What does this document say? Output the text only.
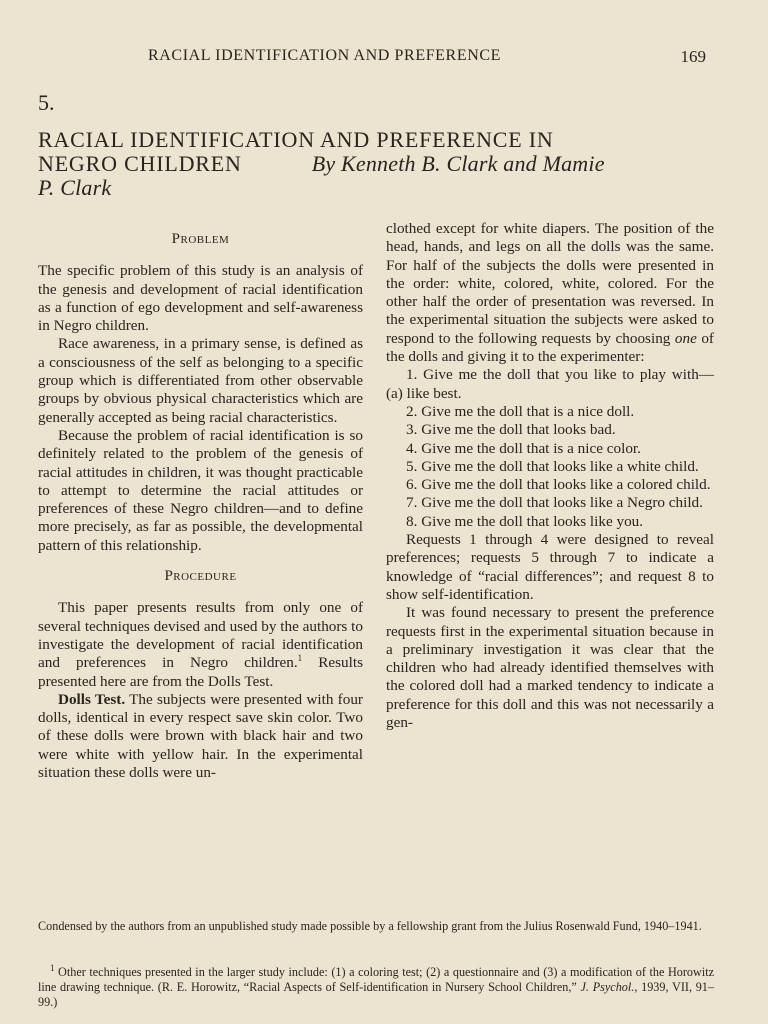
RACIAL IDENTIFICATION AND PREFERENCE	169
5.
RACIAL IDENTIFICATION AND PREFERENCE IN
NEGRO CHILDREN	By Kenneth B. Clark and Mamie
P. Clark
Problem

The specific problem of this study is an analysis of the genesis and development of racial identification as a function of ego development and self-awareness in Negro children.

Race awareness, in a primary sense, is defined as a consciousness of the self as belonging to a specific group which is differentiated from other observable groups by obvious physical characteristics which are generally accepted as being racial characteristics.

Because the problem of racial identification is so definitely related to the problem of the genesis of racial attitudes in children, it was thought practicable to attempt to determine the racial attitudes or preferences of these Negro children—and to define more precisely, as far as possible, the developmental pattern of this relationship.

Procedure

This paper presents results from only one of several techniques devised and used by the authors to investigate the development of racial identification and preferences in Negro children.$^1$ Results presented here are from the Dolls Test.

Dolls Test. The subjects were presented with four dolls, identical in every respect save skin color. Two of these dolls were brown with black hair and two were white with yellow hair. In the experimental situation these dolls were un-

clothed except for white diapers. The position of the head, hands, and legs on all the dolls was the same. For half of the subjects the dolls were presented in the order: white, colored, white, colored. For the other half the order of presentation was reversed. In the experimental situation the subjects were asked to respond to the following requests by choosing one of the dolls and giving it to the experimenter:

1. Give me the doll that you like to play with— (a) like best.

2. Give me the doll that is a nice doll.

3. Give me the doll that looks bad.

4. Give me the doll that is a nice color.

5. Give me the doll that looks like a white child.

6. Give me the doll that looks like a colored child.

7. Give me the doll that looks like a Negro child.

8. Give me the doll that looks like you.

Requests 1 through 4 were designed to reveal preferences; requests 5 through 7 to indicate a knowledge of “racial differences”; and request 8 to show self-identification.

It was found necessary to present the preference requests first in the experimental situation because in a preliminary investigation it was clear that the children who had already identified themselves with the colored doll had a marked tendency to indicate a preference for this doll and this was not necessarily a gen-

Condensed by the authors from an unpublished study made possible by a fellowship grant from the Julius Rosenwald Fund, 1940–1941.

$^1$ Other techniques presented in the larger study include: (1) a coloring test; (2) a questionnaire and (3) a modification of the Horowitz line drawing technique. (R. E. Horowitz, “Racial Aspects of Self-identification in Nursery School Children,” J. Psychol., 1939, VII, 91–99.)
